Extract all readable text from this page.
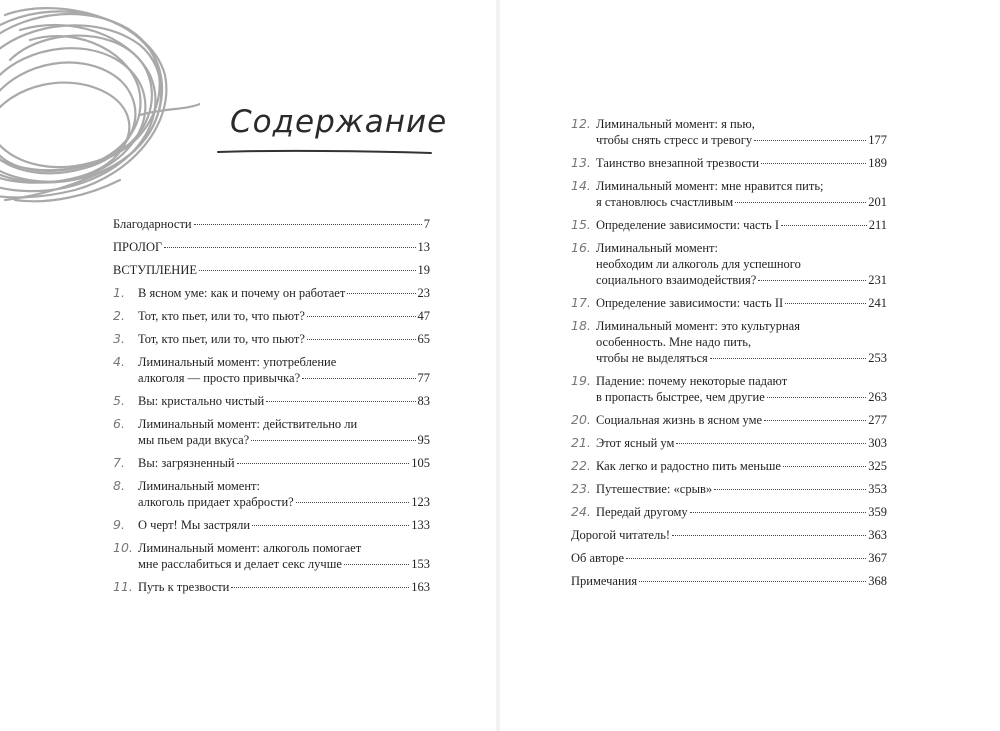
Содержание
Благодарности	7
ПРОЛОГ	13
ВСТУПЛЕНИЕ	19
1. В ясном уме: как и почему он работает	23
2. Тот, кто пьет, или то, что пьют?	47
3. Тот, кто пьет, или то, что пьют?	65
4. Лиминальный момент: употребление
алкоголя — просто привычка?	77
5. Вы: кристально чистый	83
6. Лиминальный момент: действительно ли
мы пьем ради вкуса?	95
7. Вы: загрязненный	105
8. Лиминальный момент:
алкоголь придает храбрости?	123
9. О черт! Мы застряли	133
10. Лиминальный момент: алкоголь помогает
мне расслабиться и делает секс лучше	153
11. Путь к трезвости	163
12. Лиминальный момент: я пью,
чтобы снять стресс и тревогу	177
13. Таинство внезапной трезвости	189
14. Лиминальный момент: мне нравится пить;
я становлюсь счастливым	201
15. Определение зависимости: часть I	211
16. Лиминальный момент:
необходим ли алкоголь для успешного
социального взаимодействия?	231
17. Определение зависимости: часть II	241
18. Лиминальный момент: это культурная
особенность. Мне надо пить,
чтобы не выделяться	253
19. Падение: почему некоторые падают
в пропасть быстрее, чем другие	263
20. Социальная жизнь в ясном уме	277
21. Этот ясный ум	303
22. Как легко и радостно пить меньше	325
23. Путешествие: «срыв»	353
24. Передай другому	359
Дорогой читатель!	363
Об авторе	367
Примечания	368
